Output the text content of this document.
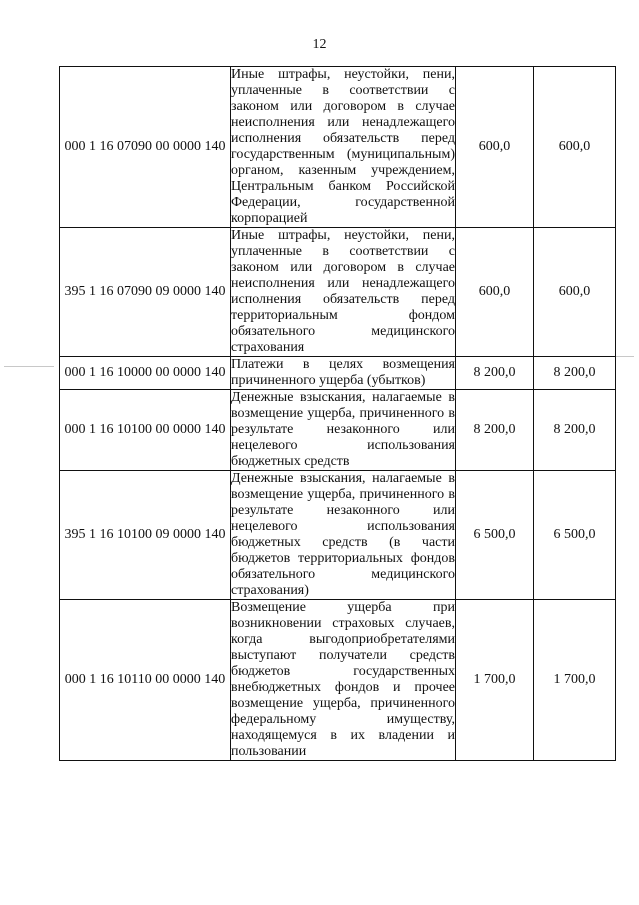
12
000 1 16 07090 00 0000 140	Иные штрафы, неустойки, пени, уплаченные в соответствии с законом или договором в случае неисполнения или ненадлежащего исполнения обязательств перед государственным (муниципальным) органом, казенным учреждением, Центральным банком Российской Федерации, государственной корпорацией	600,0	600,0
395 1 16 07090 09 0000 140	Иные штрафы, неустойки, пени, уплаченные в соответствии с законом или договором в случае неисполнения или ненадлежащего исполнения обязательств перед территориальным фондом обязательного медицинского страхования	600,0	600,0
000 1 16 10000 00 0000 140	Платежи в целях возмещения причиненного ущерба (убытков)	8 200,0	8 200,0
000 1 16 10100 00 0000 140	Денежные взыскания, налагаемые в возмещение ущерба, причиненного в результате незаконного или нецелевого использования бюджетных средств	8 200,0	8 200,0
395 1 16 10100 09 0000 140	Денежные взыскания, налагаемые в возмещение ущерба, причиненного в результате незаконного или нецелевого использования бюджетных средств (в части бюджетов территориальных фондов обязательного медицинского страхования)	6 500,0	6 500,0
000 1 16 10110 00 0000 140	Возмещение ущерба при возникновении страховых случаев, когда выгодоприобретателями выступают получатели средств бюджетов государственных внебюджетных фондов и прочее возмещение ущерба, причиненного федеральному имуществу, находящемуся в их владении и пользовании	1 700,0	1 700,0
